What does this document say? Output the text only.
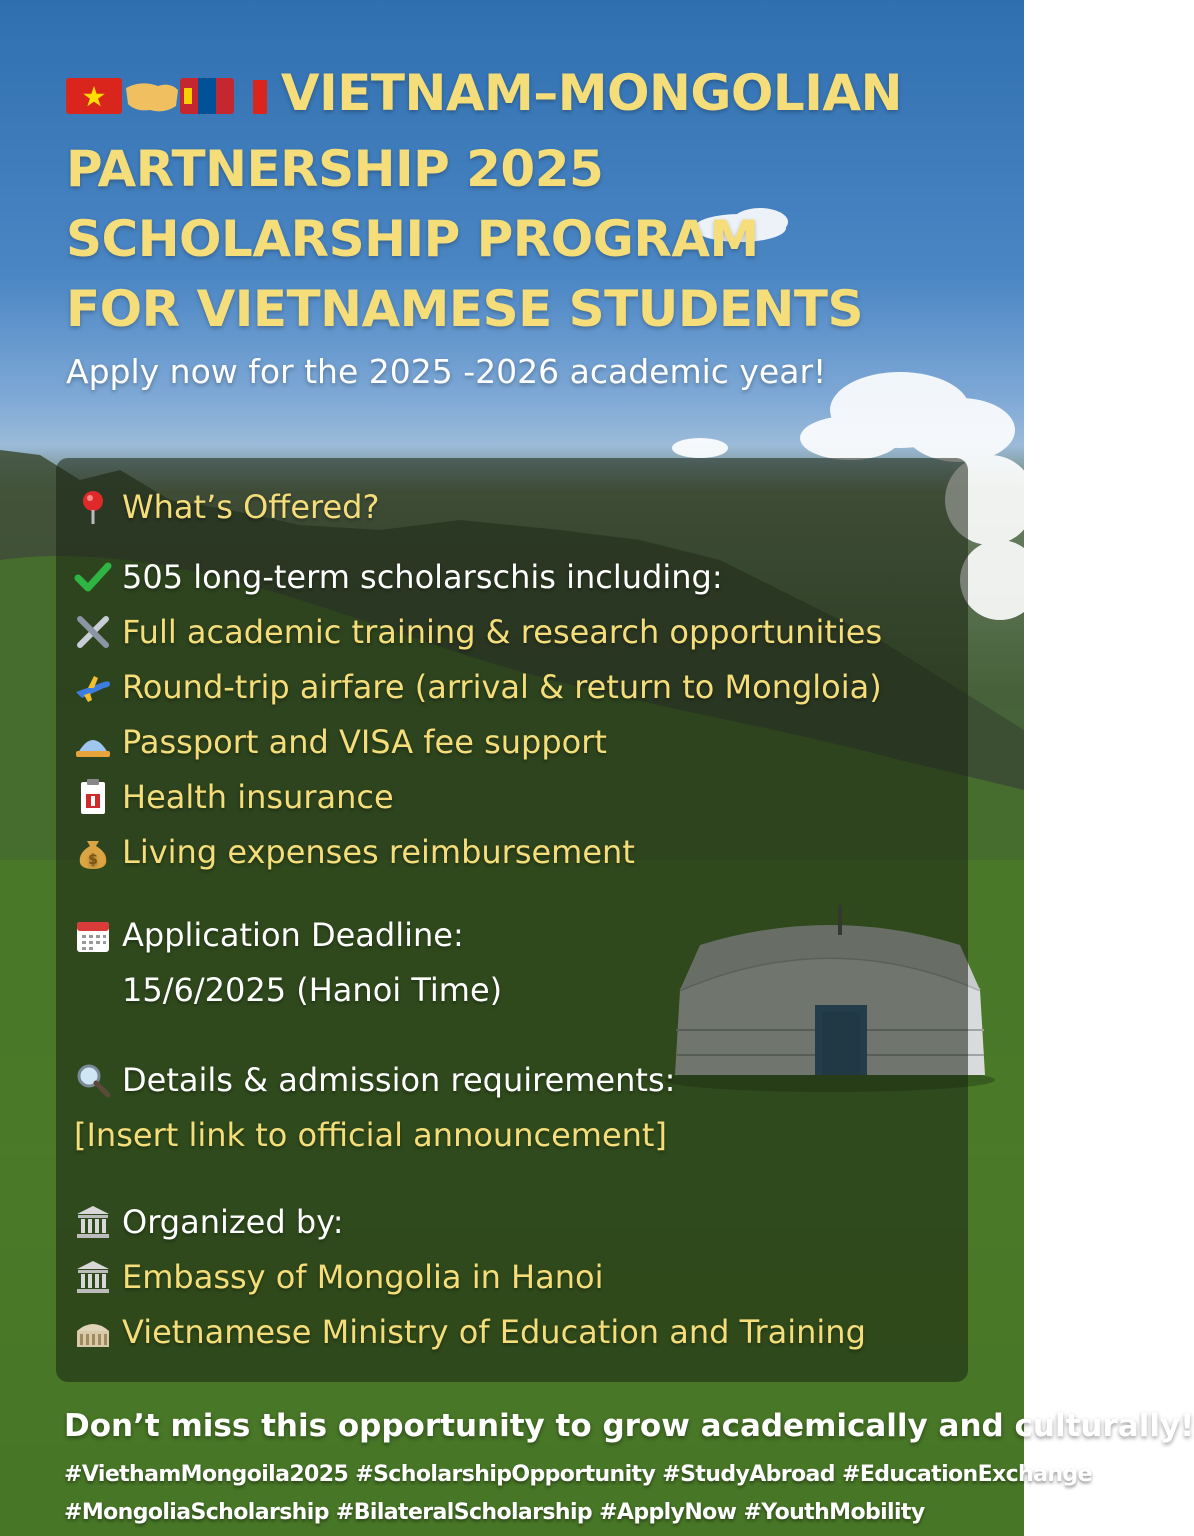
VIETNAM–MONGOLIAN
PARTNERSHIP 2025
SCHOLARSHIP PROGRAM
FOR VIETNAMESE STUDENTS
Apply now for the 2025 -2026 academic year!
What’s Offered?
505 long-term scholarschis including:
Full academic training & research opportunities
Round-trip airfare (arrival & return to Mongloia)
Passport and VISA fee support
Health insurance
$ Living expenses reimbursement
Application Deadline:
15/6/2025 (Hanoi Time)
Details & admission requirements:
[Insert link to official announcement]
Organized by:
Embassy of Mongolia in Hanoi
Vietnamese Ministry of Education and Training
Don’t miss this opportunity to grow academically and culturally!
#ViethamMongoila2025 #ScholarshipOpportunity #StudyAbroad #EducationExchange
#MongoliaScholarship #BilateralScholarship #ApplyNow #YouthMobility
